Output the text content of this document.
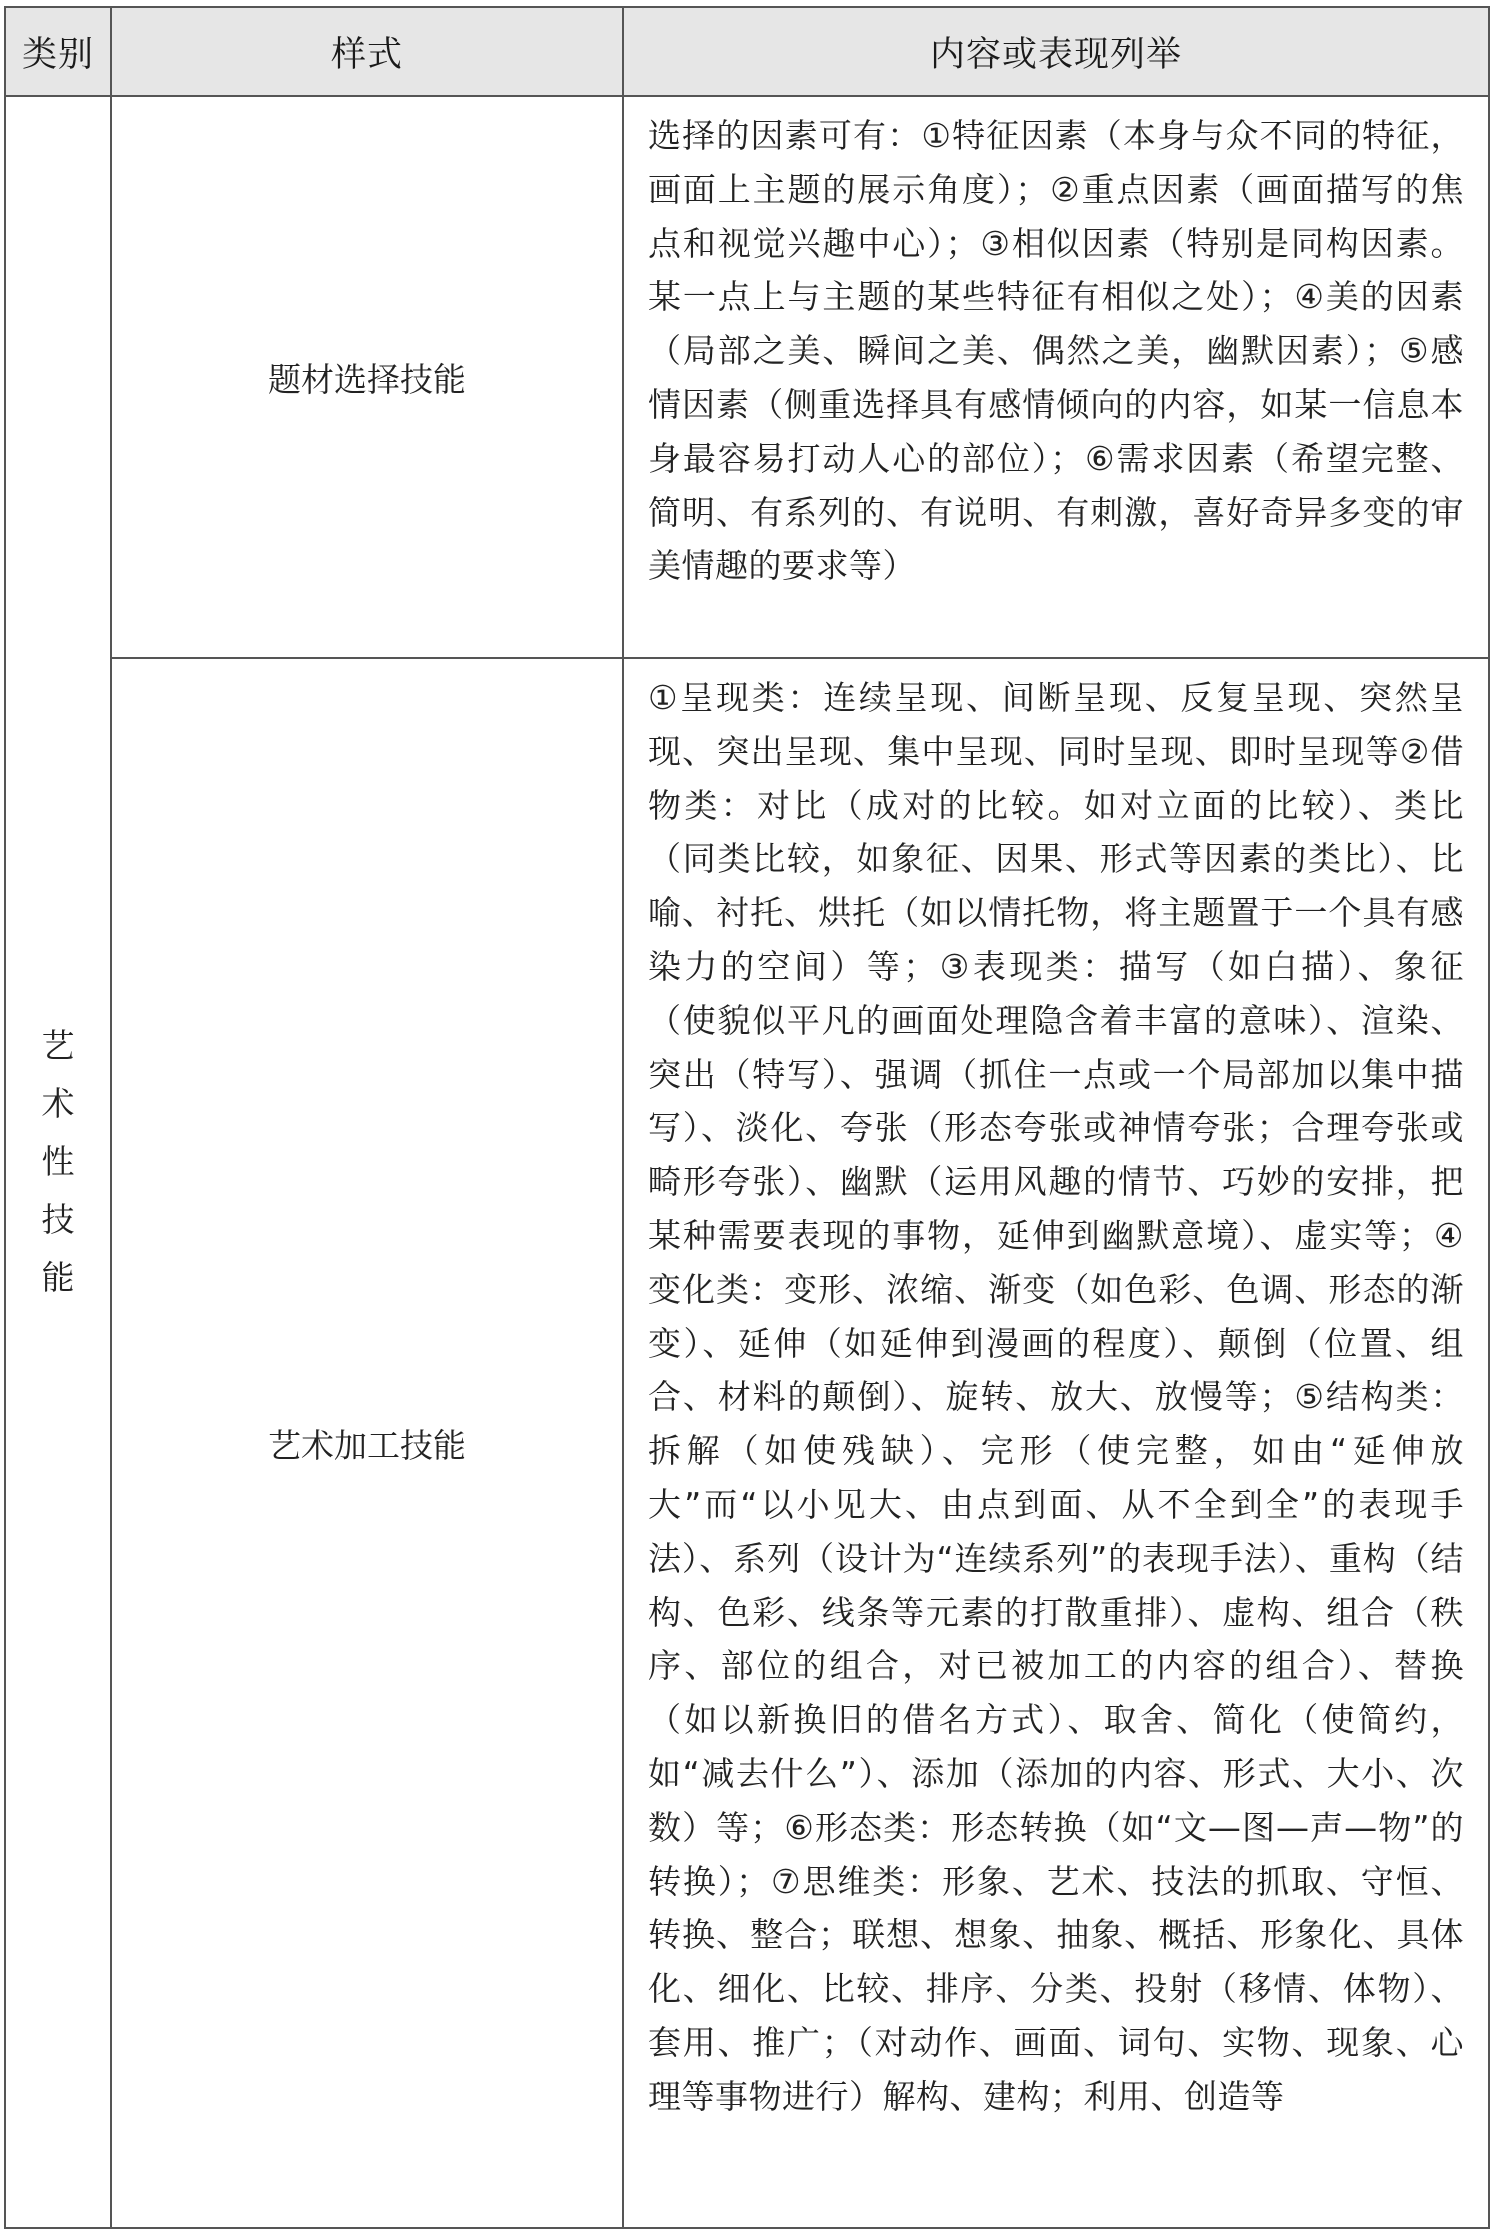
类别	样式	内容或表现列举
艺术性技能	题材选择技能	选择的因素可有：①特征因素（本身与众不同的特征，画面上主题的展示角度）；②重点因素（画面描写的焦点和视觉兴趣中心）；③相似因素（特别是同构因素。某一点上与主题的某些特征有相似之处）；④美的因素（局部之美、瞬间之美、偶然之美，幽默因素）；⑤感情因素（侧重选择具有感情倾向的内容，如某一信息本身最容易打动人心的部位）；⑥需求因素（希望完整、简明、有系列的、有说明、有刺激，喜好奇异多变的审美情趣的要求等）
	艺术加工技能	①呈现类：连续呈现、间断呈现、反复呈现、突然呈现、突出呈现、集中呈现、同时呈现、即时呈现等②借物类：对比（成对的比较。如对立面的比较）、类比（同类比较，如象征、因果、形式等因素的类比）、比喻、衬托、烘托（如以情托物，将主题置于一个具有感染力的空间）等；③表现类：描写（如白描）、象征（使貌似平凡的画面处理隐含着丰富的意味）、渲染、突出（特写）、强调（抓住一点或一个局部加以集中描写）、淡化、夸张（形态夸张或神情夸张；合理夸张或畸形夸张）、幽默（运用风趣的情节、巧妙的安排，把某种需要表现的事物，延伸到幽默意境）、虚实等；④变化类：变形、浓缩、渐变（如色彩、色调、形态的渐变）、延伸（如延伸到漫画的程度）、颠倒（位置、组合、材料的颠倒）、旋转、放大、放慢等；⑤结构类：拆解（如使残缺）、完形（使完整，如由“延伸放大”而“以小见大、由点到面、从不全到全”的表现手法）、系列（设计为“连续系列”的表现手法）、重构（结构、色彩、线条等元素的打散重排）、虚构、组合（秩序、部位的组合，对已被加工的内容的组合）、替换（如以新换旧的借名方式）、取舍、简化（使简约，如“减去什么”）、添加（添加的内容、形式、大小、次数）等；⑥形态类：形态转换（如“文—图—声—物”的转换）；⑦思维类：形象、艺术、技法的抓取、守恒、转换、整合；联想、想象、抽象、概括、形象化、具体化、细化、比较、排序、分类、投射（移情、体物）、套用、推广；（对动作、画面、词句、实物、现象、心理等事物进行）解构、建构；利用、创造等
